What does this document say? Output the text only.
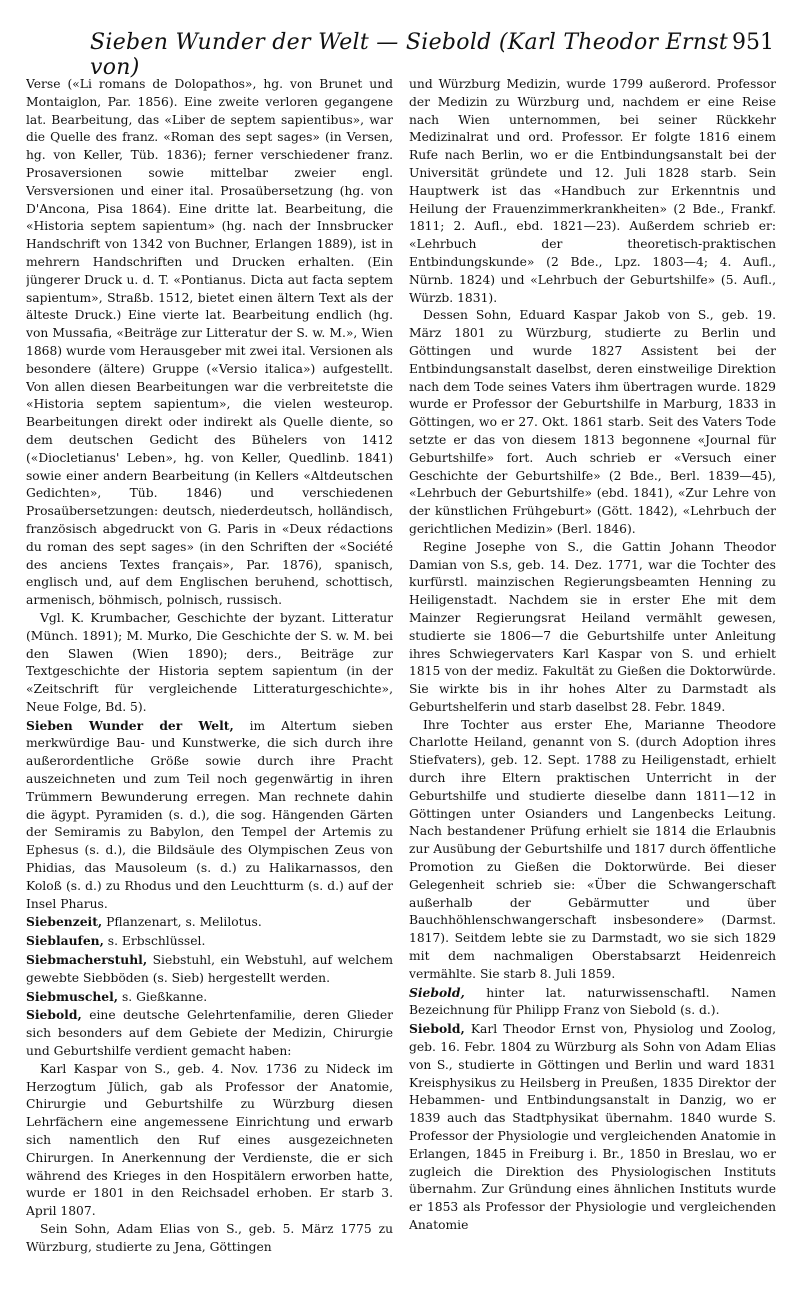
Sieben Wunder der Welt — Siebold (Karl Theodor Ernst von)
951

Verse («Li romans de Dolopathos», hg. von Brunet und Montaiglon, Par. 1856). Eine zweite verloren gegangene lat. Bearbeitung, das «Liber de septem sapientibus», war die Quelle des franz. «Roman des sept sages» (in Versen, hg. von Keller, Tüb. 1836); ferner verschiedener franz. Prosaversionen sowie mittelbar zweier engl. Versversionen und einer ital. Prosaübersetzung (hg. von D'Ancona, Pisa 1864). Eine dritte lat. Bearbeitung, die «Historia septem sapientum» (hg. nach der Innsbrucker Handschrift von 1342 von Buchner, Erlangen 1889), ist in mehrern Handschriften und Drucken erhalten. (Ein jüngerer Druck u. d. T. «Pontianus. Dicta aut facta septem sapientum», Straßb. 1512, bietet einen ältern Text als der älteste Druck.) Eine vierte lat. Bearbeitung endlich (hg. von Mussafia, «Beiträge zur Litteratur der S. w. M.», Wien 1868) wurde vom Herausgeber mit zwei ital. Versionen als besondere (ältere) Gruppe («Versio italica») aufgestellt. Von allen diesen Bearbeitungen war die verbreitetste die «Historia septem sapientum», die vielen westeurop. Bearbeitungen direkt oder indirekt als Quelle diente, so dem deutschen Gedicht des Bühelers von 1412 («Diocletianus' Leben», hg. von Keller, Quedlinb. 1841) sowie einer andern Bearbeitung (in Kellers «Altdeutschen Gedichten», Tüb. 1846) und verschiedenen Prosaübersetzungen: deutsch, niederdeutsch, holländisch, französisch abgedruckt von G. Paris in «Deux rédactions du roman des sept sages» (in den Schriften der «Société des anciens Textes français», Par. 1876), spanisch, englisch und, auf dem Englischen beruhend, schottisch, armenisch, böhmisch, polnisch, russisch.

Vgl. K. Krumbacher, Geschichte der byzant. Litteratur (Münch. 1891); M. Murko, Die Geschichte der S. w. M. bei den Slawen (Wien 1890); ders., Beiträge zur Textgeschichte der Historia septem sapientum (in der «Zeitschrift für vergleichende Litteraturgeschichte», Neue Folge, Bd. 5).

Sieben Wunder der Welt, im Altertum sieben merkwürdige Bau- und Kunstwerke, die sich durch ihre außerordentliche Größe sowie durch ihre Pracht auszeichneten und zum Teil noch gegenwärtig in ihren Trümmern Bewunderung erregen. Man rechnete dahin die ägypt. Pyramiden (s. d.), die sog. Hängenden Gärten der Semiramis zu Babylon, den Tempel der Artemis zu Ephesus (s. d.), die Bildsäule des Olympischen Zeus von Phidias, das Mausoleum (s. d.) zu Halikarnassos, den Koloß (s. d.) zu Rhodus und den Leuchtturm (s. d.) auf der Insel Pharus.

Siebenzeit, Pflanzenart, s. Melilotus.

Sieblaufen, s. Erbschlüssel.

Siebmacherstuhl, Siebstuhl, ein Webstuhl, auf welchem gewebte Siebböden (s. Sieb) hergestellt werden.

Siebmuschel, s. Gießkanne.

Siebold, eine deutsche Gelehrtenfamilie, deren Glieder sich besonders auf dem Gebiete der Medizin, Chirurgie und Geburtshilfe verdient gemacht haben:

Karl Kaspar von S., geb. 4. Nov. 1736 zu Nideck im Herzogtum Jülich, gab als Professor der Anatomie, Chirurgie und Geburtshilfe zu Würzburg diesen Lehrfächern eine angemessene Einrichtung und erwarb sich namentlich den Ruf eines ausgezeichneten Chirurgen. In Anerkennung der Verdienste, die er sich während des Krieges in den Hospitälern erworben hatte, wurde er 1801 in den Reichsadel erhoben. Er starb 3. April 1807.

Sein Sohn, Adam Elias von S., geb. 5. März 1775 zu Würzburg, studierte zu Jena, Göttingen

und Würzburg Medizin, wurde 1799 außerord. Professor der Medizin zu Würzburg und, nachdem er eine Reise nach Wien unternommen, bei seiner Rückkehr Medizinalrat und ord. Professor. Er folgte 1816 einem Rufe nach Berlin, wo er die Entbindungsanstalt bei der Universität gründete und 12. Juli 1828 starb. Sein Hauptwerk ist das «Handbuch zur Erkenntnis und Heilung der Frauenzimmerkrankheiten» (2 Bde., Frankf. 1811; 2. Aufl., ebd. 1821—23). Außerdem schrieb er: «Lehrbuch der theoretisch-praktischen Entbindungskunde» (2 Bde., Lpz. 1803—4; 4. Aufl., Nürnb. 1824) und «Lehrbuch der Geburtshilfe» (5. Aufl., Würzb. 1831).

Dessen Sohn, Eduard Kaspar Jakob von S., geb. 19. März 1801 zu Würzburg, studierte zu Berlin und Göttingen und wurde 1827 Assistent bei der Entbindungsanstalt daselbst, deren einstweilige Direktion nach dem Tode seines Vaters ihm übertragen wurde. 1829 wurde er Professor der Geburtshilfe in Marburg, 1833 in Göttingen, wo er 27. Okt. 1861 starb. Seit des Vaters Tode setzte er das von diesem 1813 begonnene «Journal für Geburtshilfe» fort. Auch schrieb er «Versuch einer Geschichte der Geburtshilfe» (2 Bde., Berl. 1839—45), «Lehrbuch der Geburtshilfe» (ebd. 1841), «Zur Lehre von der künstlichen Frühgeburt» (Gött. 1842), «Lehrbuch der gerichtlichen Medizin» (Berl. 1846).

Regine Josephe von S., die Gattin Johann Theodor Damian von S.s, geb. 14. Dez. 1771, war die Tochter des kurfürstl. mainzischen Regierungsbeamten Henning zu Heiligenstadt. Nachdem sie in erster Ehe mit dem Mainzer Regierungsrat Heiland vermählt gewesen, studierte sie 1806—7 die Geburtshilfe unter Anleitung ihres Schwiegervaters Karl Kaspar von S. und erhielt 1815 von der mediz. Fakultät zu Gießen die Doktorwürde. Sie wirkte bis in ihr hohes Alter zu Darmstadt als Geburtshelferin und starb daselbst 28. Febr. 1849.

Ihre Tochter aus erster Ehe, Marianne Theodore Charlotte Heiland, genannt von S. (durch Adoption ihres Stiefvaters), geb. 12. Sept. 1788 zu Heiligenstadt, erhielt durch ihre Eltern praktischen Unterricht in der Geburtshilfe und studierte dieselbe dann 1811—12 in Göttingen unter Osianders und Langenbecks Leitung. Nach bestandener Prüfung erhielt sie 1814 die Erlaubnis zur Ausübung der Geburtshilfe und 1817 durch öffentliche Promotion zu Gießen die Doktorwürde. Bei dieser Gelegenheit schrieb sie: «Über die Schwangerschaft außerhalb der Gebärmutter und über Bauchhöhlenschwangerschaft insbesondere» (Darmst. 1817). Seitdem lebte sie zu Darmstadt, wo sie sich 1829 mit dem nachmaligen Oberstabsarzt Heidenreich vermählte. Sie starb 8. Juli 1859.

Siebold, hinter lat. naturwissenschaftl. Namen Bezeichnung für Philipp Franz von Siebold (s. d.).

Siebold, Karl Theodor Ernst von, Physiolog und Zoolog, geb. 16. Febr. 1804 zu Würzburg als Sohn von Adam Elias von S., studierte in Göttingen und Berlin und ward 1831 Kreisphysikus zu Heilsberg in Preußen, 1835 Direktor der Hebammen- und Entbindungsanstalt in Danzig, wo er 1839 auch das Stadtphysikat übernahm. 1840 wurde S. Professor der Physiologie und vergleichenden Anatomie in Erlangen, 1845 in Freiburg i. Br., 1850 in Breslau, wo er zugleich die Direktion des Physiologischen Instituts übernahm. Zur Gründung eines ähnlichen Instituts wurde er 1853 als Professor der Physiologie und vergleichenden Anatomie
